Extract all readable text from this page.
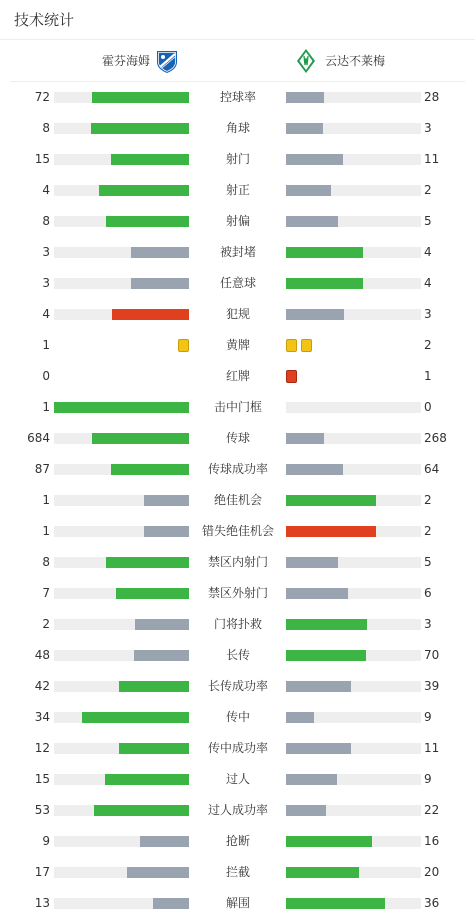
技术统计
霍芬海姆	云达不莱梅
72	控球率	28
8	角球	3
15	射门	11
4	射正	2
8	射偏	5
3	被封堵	4
3	任意球	4
4	犯规	3
1	黄牌	2
0	红牌	1
1	击中门框	0
684	传球	268
87	传球成功率	64
1	绝佳机会	2
1	错失绝佳机会	2
8	禁区内射门	5
7	禁区外射门	6
2	门将扑救	3
48	长传	70
42	长传成功率	39
34	传中	9
12	传中成功率	11
15	过人	9
53	过人成功率	22
9	抢断	16
17	拦截	20
13	解围	36
